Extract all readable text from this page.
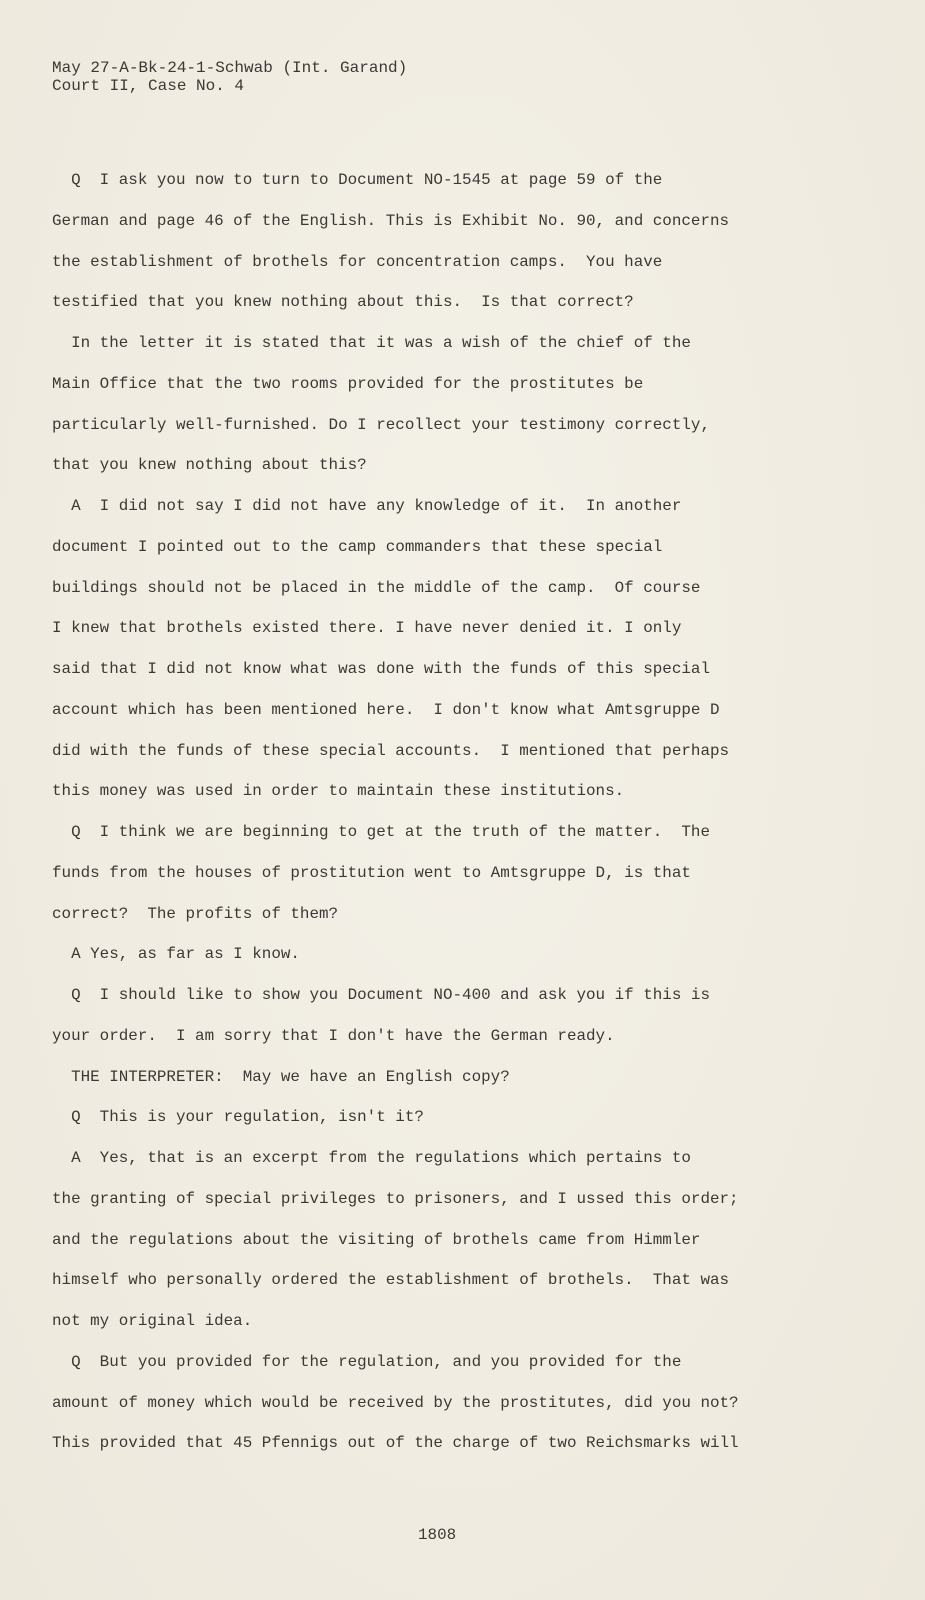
May 27-A-Bk-24-1-Schwab (Int. Garand)
Court II, Case No. 4
Q  I ask you now to turn to Document NO-1545 at page 59 of the
German and page 46 of the English. This is Exhibit No. 90, and concerns
the establishment of brothels for concentration camps.  You have
testified that you knew nothing about this.  Is that correct?
In the letter it is stated that it was a wish of the chief of the
Main Office that the two rooms provided for the prostitutes be
particularly well-furnished. Do I recollect your testimony correctly,
that you knew nothing about this?
A  I did not say I did not have any knowledge of it.  In another
document I pointed out to the camp commanders that these special
buildings should not be placed in the middle of the camp.  Of course
I knew that brothels existed there. I have never denied it. I only
said that I did not know what was done with the funds of this special
account which has been mentioned here.  I don't know what Amtsgruppe D
did with the funds of these special accounts.  I mentioned that perhaps
this money was used in order to maintain these institutions.
Q  I think we are beginning to get at the truth of the matter.  The
funds from the houses of prostitution went to Amtsgruppe D, is that
correct?  The profits of them?
A Yes, as far as I know.
Q  I should like to show you Document NO-400 and ask you if this is
your order.  I am sorry that I don't have the German ready.
THE INTERPRETER:  May we have an English copy?
Q  This is your regulation, isn't it?
A  Yes, that is an excerpt from the regulations which pertains to
the granting of special privileges to prisoners, and I ussed this order;
and the regulations about the visiting of brothels came from Himmler
himself who personally ordered the establishment of brothels.  That was
not my original idea.
Q  But you provided for the regulation, and you provided for the
amount of money which would be received by the prostitutes, did you not?
This provided that 45 Pfennigs out of the charge of two Reichsmarks will
1808
